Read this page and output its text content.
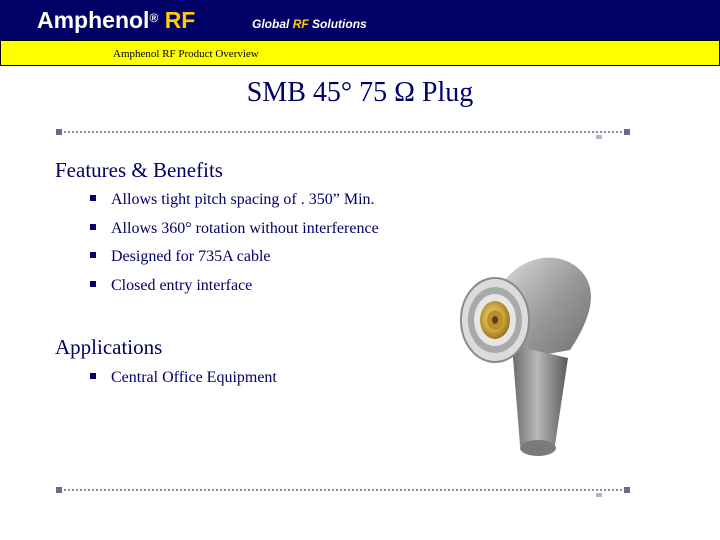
Amphenol® RF	Global RF Solutions
Amphenol RF Product Overview
SMB 45° 75 Ω Plug
Features & Benefits
Allows tight pitch spacing of . 350” Min.
Allows 360° rotation without interference
Designed for 735A cable
Closed entry interface
Applications
Central Office Equipment
